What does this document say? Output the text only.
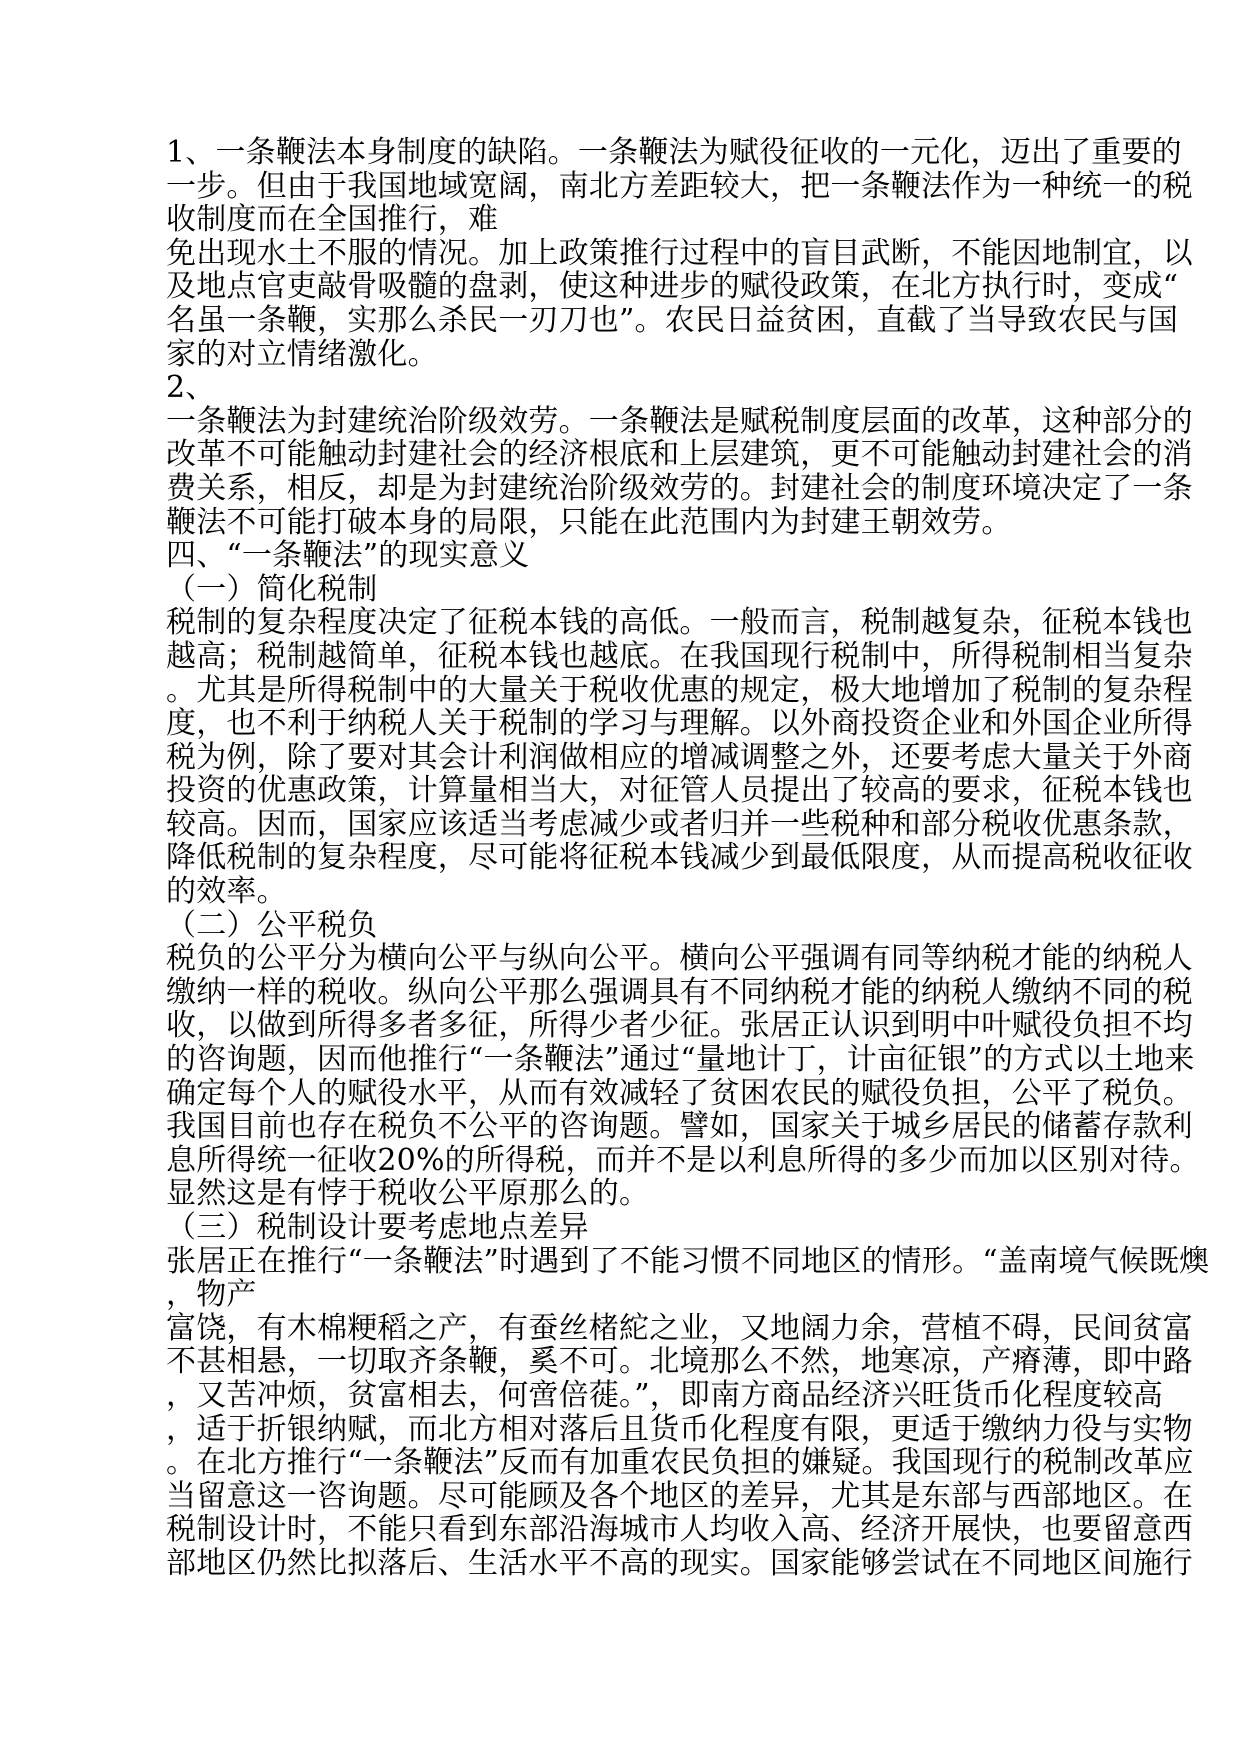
1、一条鞭法本身制度的缺陷。一条鞭法为赋役征收的一元化，迈出了重要的
一步。但由于我国地域宽阔，南北方差距较大，把一条鞭法作为一种统一的税
收制度而在全国推行，难
免出现水土不服的情况。加上政策推行过程中的盲目武断，不能因地制宜，以
及地点官吏敲骨吸髓的盘剥，使这种进步的赋役政策，在北方执行时，变成“
名虽一条鞭，实那么杀民一刃刀也”。农民日益贫困，直截了当导致农民与国
家的对立情绪激化。
2、
一条鞭法为封建统治阶级效劳。一条鞭法是赋税制度层面的改革，这种部分的
改革不可能触动封建社会的经济根底和上层建筑，更不可能触动封建社会的消
费关系，相反，却是为封建统治阶级效劳的。封建社会的制度环境决定了一条
鞭法不可能打破本身的局限，只能在此范围内为封建王朝效劳。
四、“一条鞭法”的现实意义
（一）简化税制
税制的复杂程度决定了征税本钱的高低。一般而言，税制越复杂，征税本钱也
越高；税制越简单，征税本钱也越底。在我国现行税制中，所得税制相当复杂
。尤其是所得税制中的大量关于税收优惠的规定，极大地增加了税制的复杂程
度，也不利于纳税人关于税制的学习与理解。以外商投资企业和外国企业所得
税为例，除了要对其会计利润做相应的增减调整之外，还要考虑大量关于外商
投资的优惠政策，计算量相当大，对征管人员提出了较高的要求，征税本钱也
较高。因而，国家应该适当考虑减少或者归并一些税种和部分税收优惠条款，
降低税制的复杂程度，尽可能将征税本钱减少到最低限度，从而提高税收征收
的效率。
（二）公平税负
税负的公平分为横向公平与纵向公平。横向公平强调有同等纳税才能的纳税人
缴纳一样的税收。纵向公平那么强调具有不同纳税才能的纳税人缴纳不同的税
收，以做到所得多者多征，所得少者少征。张居正认识到明中叶赋役负担不均
的咨询题，因而他推行“一条鞭法”通过“量地计丁，计亩征银”的方式以土地来
确定每个人的赋役水平，从而有效减轻了贫困农民的赋役负担，公平了税负。
我国目前也存在税负不公平的咨询题。譬如，国家关于城乡居民的储蓄存款利
息所得统一征收20%的所得税，而并不是以利息所得的多少而加以区别对待。
显然这是有悖于税收公平原那么的。
（三）税制设计要考虑地点差异
张居正在推行“一条鞭法”时遇到了不能习惯不同地区的情形。“盖南境气候既燠
，物产
富饶，有木棉粳稻之产，有蚕丝楮紽之业，又地阔力余，营植不碍，民间贫富
不甚相悬，一切取齐条鞭，奚不可。北境那么不然，地寒凉，产瘠薄，即中路
，又苦冲烦，贫富相去，何啻倍蓰。”，即南方商品经济兴旺货币化程度较高
，适于折银纳赋，而北方相对落后且货币化程度有限，更适于缴纳力役与实物
。在北方推行“一条鞭法”反而有加重农民负担的嫌疑。我国现行的税制改革应
当留意这一咨询题。尽可能顾及各个地区的差异，尤其是东部与西部地区。在
税制设计时，不能只看到东部沿海城市人均收入高、经济开展快，也要留意西
部地区仍然比拟落后、生活水平不高的现实。国家能够尝试在不同地区间施行
